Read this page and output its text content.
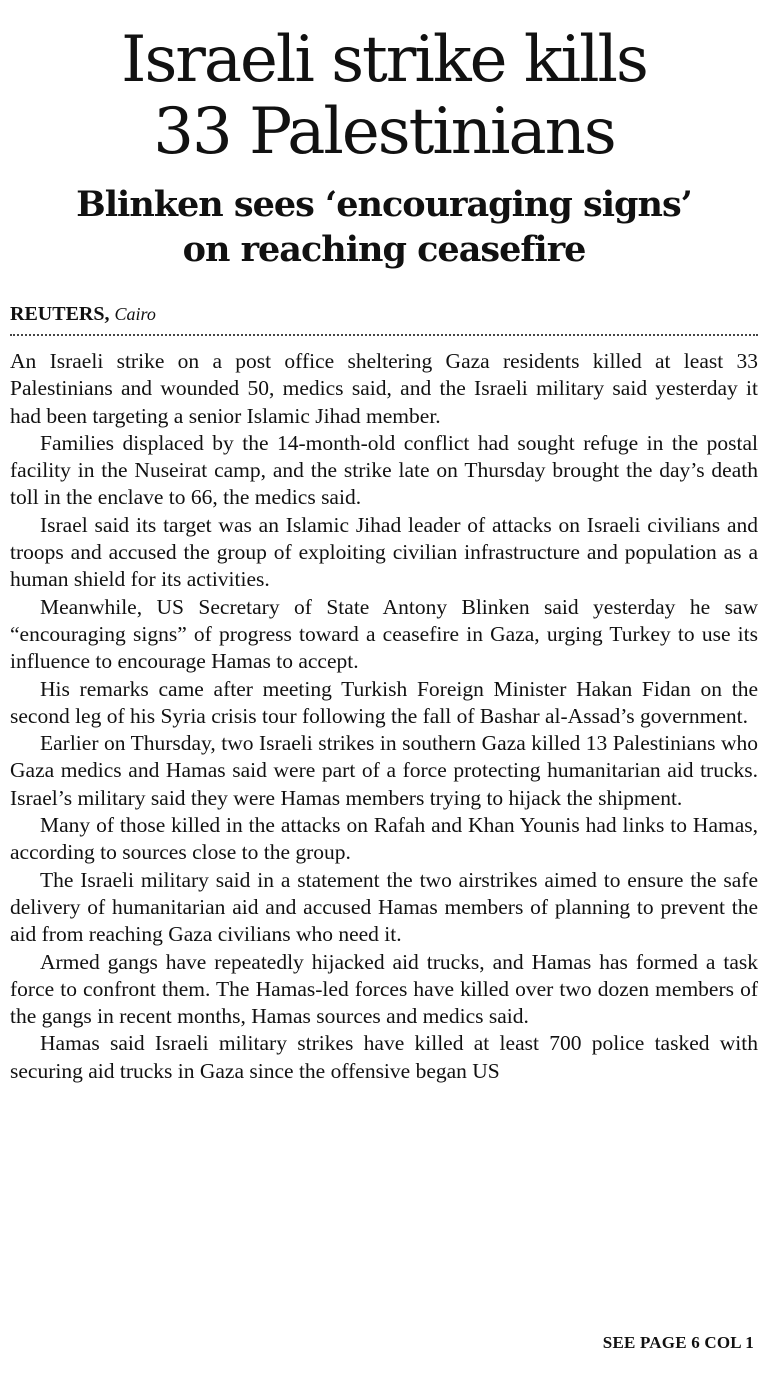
Israeli strike kills
33 Palestinians
Blinken sees ‘encouraging signs’
on reaching ceasefire
REUTERS, Cairo

An Israeli strike on a post office sheltering Gaza residents killed at least 33 Palestinians and wounded 50, medics said, and the Israeli military said yesterday it had been targeting a senior Islamic Jihad member.

Families displaced by the 14-month-old conflict had sought refuge in the postal facility in the Nuseirat camp, and the strike late on Thursday brought the day’s death toll in the enclave to 66, the medics said.

Israel said its target was an Islamic Jihad leader of attacks on Israeli civilians and troops and accused the group of exploiting civilian infrastructure and population as a human shield for its activities.

Meanwhile, US Secretary of State Antony Blinken said yesterday he saw “encouraging signs” of progress toward a ceasefire in Gaza, urging Turkey to use its influence to encourage Hamas to accept.

His remarks came after meeting Turkish Foreign Minister Hakan Fidan on the second leg of his Syria crisis tour following the fall of Bashar al-Assad’s government.

Earlier on Thursday, two Israeli strikes in southern Gaza killed 13 Palestinians who Gaza medics and Hamas said were part of a force protecting humanitarian aid trucks. Israel’s military said they were Hamas members trying to hijack the shipment.

Many of those killed in the attacks on Rafah and Khan Younis had links to Hamas, according to sources close to the group.

The Israeli military said in a statement the two airstrikes aimed to ensure the safe delivery of humanitarian aid and accused Hamas members of planning to prevent the aid from reaching Gaza civilians who need it.

Armed gangs have repeatedly hijacked aid trucks, and Hamas has formed a task force to confront them. The Hamas-led forces have killed over two dozen members of the gangs in recent months, Hamas sources and medics said.

Hamas said Israeli military strikes have killed at least 700 police tasked with securing aid trucks in Gaza since the offensive began US

SEE PAGE 6 COL 1
